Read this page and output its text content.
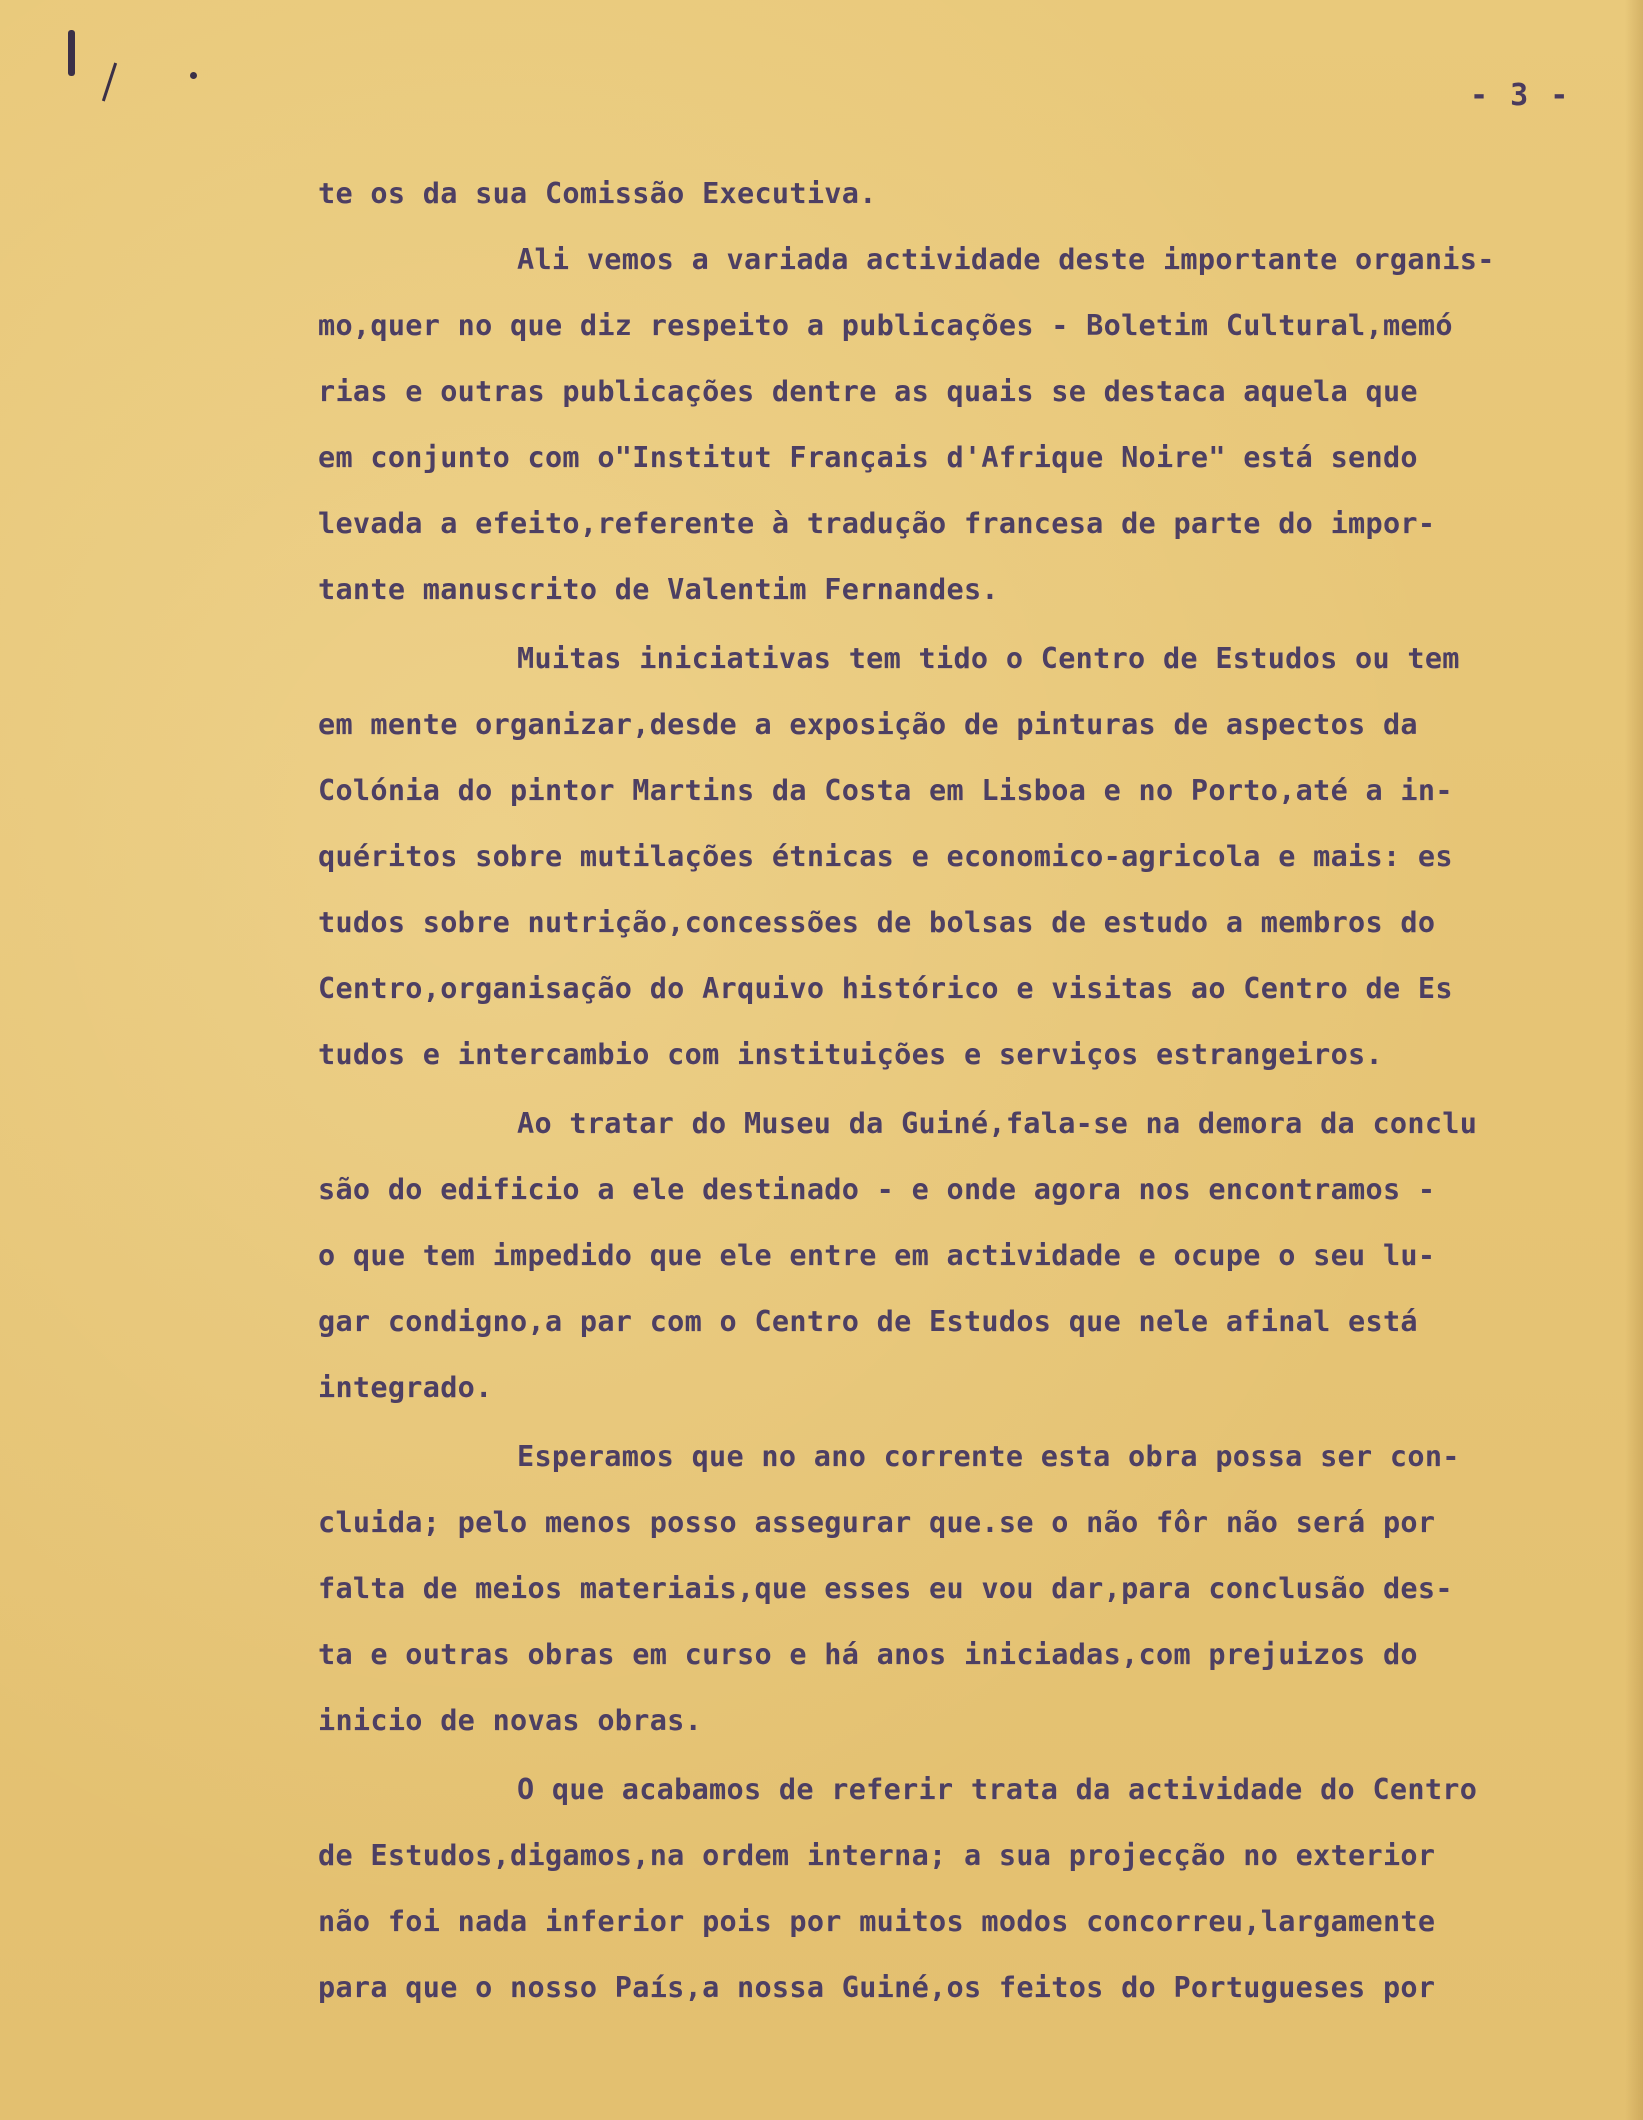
- 3 -
te os da sua Comissão Executiva.
Ali vemos a variada actividade deste importante organis-
mo,quer no que diz respeito a publicações - Boletim Cultural,memó
rias e outras publicações dentre as quais se destaca aquela que
em conjunto com o"Institut Français d'Afrique Noire" está sendo
levada a efeito,referente à tradução francesa de parte do impor-
tante manuscrito de Valentim Fernandes.
Muitas iniciativas tem tido o Centro de Estudos ou tem
em mente organizar,desde a exposição de pinturas de aspectos da
Colónia do pintor Martins da Costa em Lisboa e no Porto,até a in-
quéritos sobre mutilações étnicas e economico-agricola e mais: es
tudos sobre nutrição,concessões de bolsas de estudo a membros do
Centro,organisação do Arquivo histórico e visitas ao Centro de Es
tudos e intercambio com instituições e serviços estrangeiros.
Ao tratar do Museu da Guiné,fala-se na demora da conclu
são do edificio a ele destinado - e onde agora nos encontramos -
o que tem impedido que ele entre em actividade e ocupe o seu lu-
gar condigno,a par com o Centro de Estudos que nele afinal está
integrado.
Esperamos que no ano corrente esta obra possa ser con-
cluida; pelo menos posso assegurar que.se o não fôr não será por
falta de meios materiais,que esses eu vou dar,para conclusão des-
ta e outras obras em curso e há anos iniciadas,com prejuizos do
inicio de novas obras.
O que acabamos de referir trata da actividade do Centro
de Estudos,digamos,na ordem interna; a sua projecção no exterior
não foi nada inferior pois por muitos modos concorreu,largamente
para que o nosso País,a nossa Guiné,os feitos do Portugueses por
